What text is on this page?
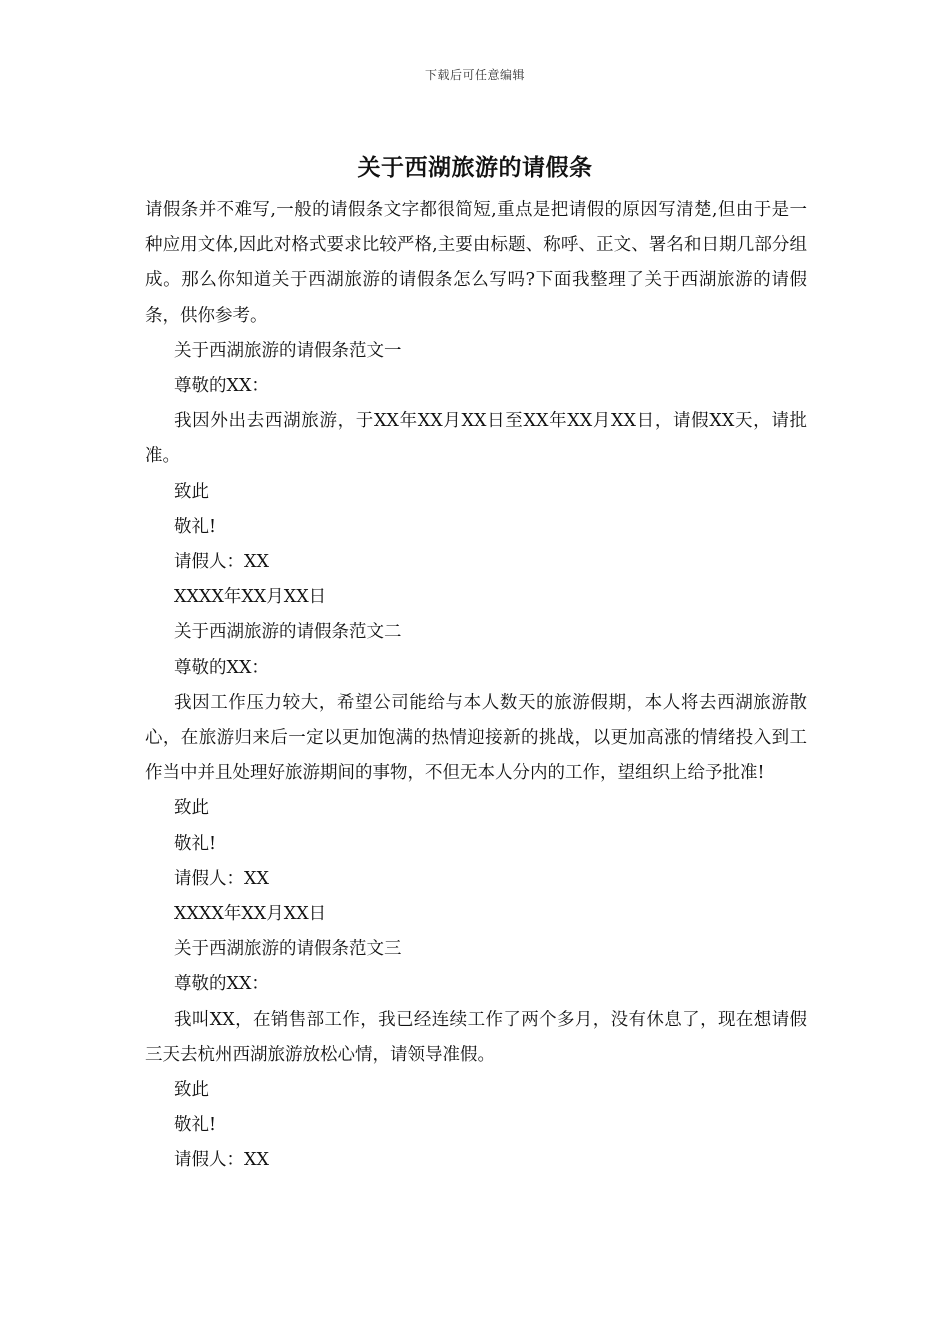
下载后可任意编辑
关于西湖旅游的请假条

请假条并不难写,一般的请假条文字都很简短,重点是把请假的原因写清楚,但由于是一种应用文体,因此对格式要求比较严格,主要由标题、称呼、正文、署名和日期几部分组成。那么你知道关于西湖旅游的请假条怎么写吗?下面我整理了关于西湖旅游的请假条，供你参考。

关于西湖旅游的请假条范文一

尊敬的XX：

我因外出去西湖旅游，于XX年XX月XX日至XX年XX月XX日，请假XX天，请批准。

致此

敬礼!

请假人：XX

XXXX年XX月XX日

关于西湖旅游的请假条范文二

尊敬的XX：

我因工作压力较大，希望公司能给与本人数天的旅游假期，本人将去西湖旅游散心，在旅游归来后一定以更加饱满的热情迎接新的挑战，以更加高涨的情绪投入到工作当中并且处理好旅游期间的事物，不但无本人分内的工作，望组织上给予批准!

致此

敬礼!

请假人：XX

XXXX年XX月XX日

关于西湖旅游的请假条范文三

尊敬的XX：

我叫XX，在销售部工作，我已经连续工作了两个多月，没有休息了，现在想请假三天去杭州西湖旅游放松心情，请领导准假。

致此

敬礼!

请假人：XX
